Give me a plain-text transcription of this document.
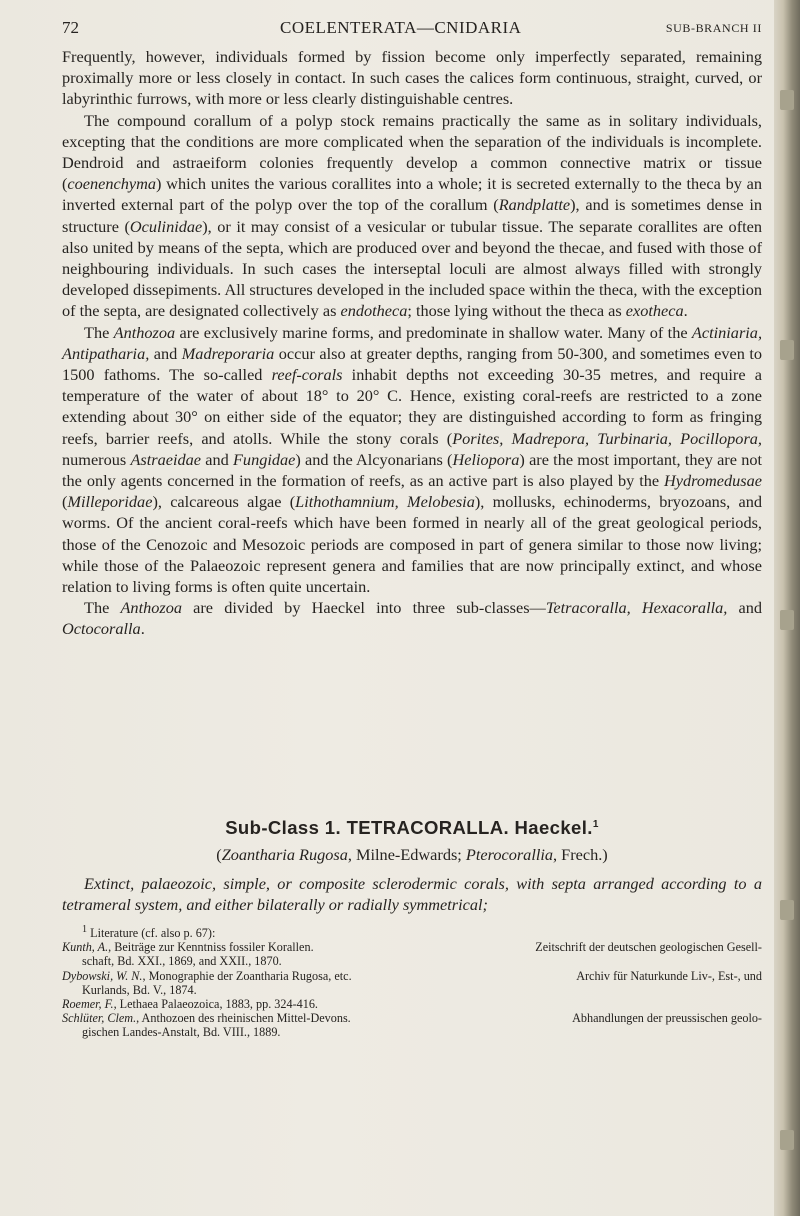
72	COELENTERATA—CNIDARIA	SUB-BRANCH II

Frequently, however, individuals formed by fission become only imperfectly separated, remaining proximally more or less closely in contact. In such cases the calices form continuous, straight, curved, or labyrinthic furrows, with more or less clearly distinguishable centres.

The compound corallum of a polyp stock remains practically the same as in solitary individuals, excepting that the conditions are more complicated when the separation of the individuals is incomplete. Dendroid and astraeiform colonies frequently develop a common connective matrix or tissue (coenenchyma) which unites the various corallites into a whole; it is secreted externally to the theca by an inverted external part of the polyp over the top of the corallum (Randplatte), and is sometimes dense in structure (Oculinidae), or it may consist of a vesicular or tubular tissue. The separate corallites are often also united by means of the septa, which are produced over and beyond the thecae, and fused with those of neighbouring individuals. In such cases the interseptal loculi are almost always filled with strongly developed dissepiments. All structures developed in the included space within the theca, with the exception of the septa, are designated collectively as endotheca; those lying without the theca as exotheca.

The Anthozoa are exclusively marine forms, and predominate in shallow water. Many of the Actiniaria, Antipatharia, and Madreporaria occur also at greater depths, ranging from 50-300, and sometimes even to 1500 fathoms. The so-called reef-corals inhabit depths not exceeding 30-35 metres, and require a temperature of the water of about 18° to 20° C. Hence, existing coral-reefs are restricted to a zone extending about 30° on either side of the equator; they are distinguished according to form as fringing reefs, barrier reefs, and atolls. While the stony corals (Porites, Madrepora, Turbinaria, Pocillopora, numerous Astraeidae and Fungidae) and the Alcyonarians (Heliopora) are the most important, they are not the only agents concerned in the formation of reefs, as an active part is also played by the Hydromedusae (Milleporidae), calcareous algae (Lithothamnium, Melobesia), mollusks, echinoderms, bryozoans, and worms. Of the ancient coral-reefs which have been formed in nearly all of the great geological periods, those of the Cenozoic and Mesozoic periods are composed in part of genera similar to those now living; while those of the Palaeozoic represent genera and families that are now principally extinct, and whose relation to living forms is often quite uncertain.

The Anthozoa are divided by Haeckel into three sub-classes—Tetracoralla, Hexacoralla, and Octocoralla.

Sub-Class 1. TETRACORALLA. Haeckel.$^1$
(Zoantharia Rugosa, Milne-Edwards; Pterocorallia, Frech.)
Extinct, palaeozoic, simple, or composite sclerodermic corals, with septa arranged according to a tetrameral system, and either bilaterally or radially symmetrical;

$^1$ Literature (cf. also p. 67):

Kunth, A., Beiträge zur Kenntniss fossiler Korallen.	Zeitschrift der deutschen geologischen Gesell-

schaft, Bd. XXI., 1869, and XXII., 1870.

Dybowski, W. N., Monographie der Zoantharia Rugosa, etc.	Archiv für Naturkunde Liv-, Est-, und

Kurlands, Bd. V., 1874.

Roemer, F., Lethaea Palaeozoica, 1883, pp. 324-416.

Schlüter, Clem., Anthozoen des rheinischen Mittel-Devons.	Abhandlungen der preussischen geolo-

gischen Landes-Anstalt, Bd. VIII., 1889.
